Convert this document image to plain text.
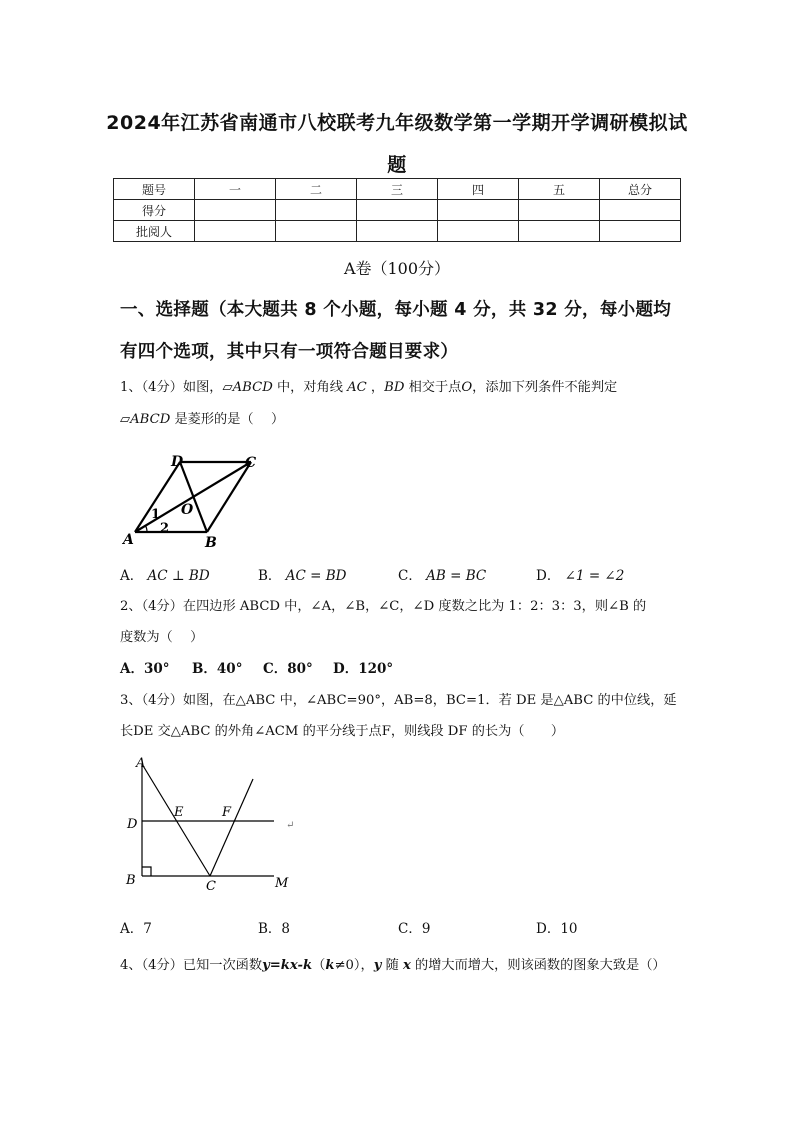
2024年江苏省南通市八校联考九年级数学第一学期开学调研模拟试
题
题号	一	二	三	四	五	总分
得分						
批阅人						
A卷（100分）
一、选择题（本大题共 8 个小题，每小题 4 分，共 32 分，每小题均
有四个选项，其中只有一项符合题目要求）
1、（4分）如图，▱ABCD 中，对角线 AC ，BD 相交于点O，添加下列条件不能判定
▱ABCD 是菱形的是（　 ）
A	B
C
D
O
1
2
A． AC ⊥ BD	B． AC = BD	C． AB = BC	D． ∠1 = ∠2
2、（4分）在四边形 ABCD 中，∠A，∠B，∠C，∠D 度数之比为 1：2：3：3，则∠B 的
度数为（　 ）
A．30° B．40° C．80° D．120°
3、（4分）如图，在△ABC 中，∠ABC=90°，AB=8，BC=1．若 DE 是△ABC 的中位线，延
长DE 交△ABC 的外角∠ACM 的平分线于点F，则线段 DF 的长为（　　）
A
B	C
D
E	F
M
↵
A．7	B．8	C．9	D．10
4、（4分）已知一次函数y=kx-k（k≠0），y 随 x 的增大而增大，则该函数的图象大致是（）
